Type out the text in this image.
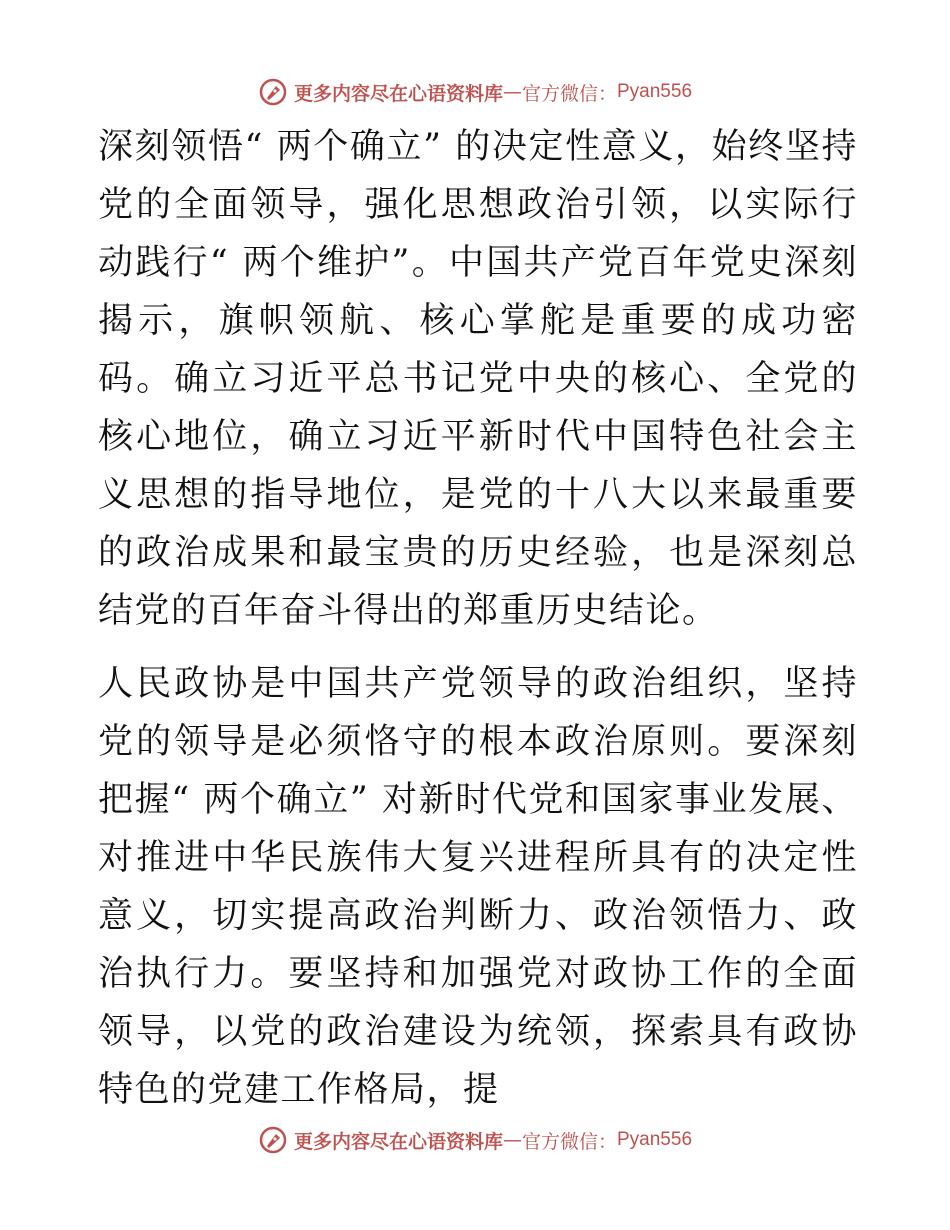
更多内容尽在心语资料库 — 官方微信： Pyan556

深刻领悟“ 两个确立” 的决定性意义，始终坚持党的全面领导，强化思想政治引领，以实际行动践行“ 两个维护”。中国共产党百年党史深刻揭示，旗帜领航、核心掌舵是重要的成功密码。确立习近平总书记党中央的核心、全党的核心地位，确立习近平新时代中国特色社会主义思想的指导地位，是党的十八大以来最重要的政治成果和最宝贵的历史经验，也是深刻总结党的百年奋斗得出的郑重历史结论。

人民政协是中国共产党领导的政治组织，坚持党的领导是必须恪守的根本政治原则。要深刻把握“ 两个确立” 对新时代党和国家事业发展、对推进中华民族伟大复兴进程所具有的决定性意义，切实提高政治判断力、政治领悟力、政治执行力。要坚持和加强党对政协工作的全面领导，以党的政治建设为统领，探索具有政协特色的党建工作格局，提

更多内容尽在心语资料库 — 官方微信： Pyan556
